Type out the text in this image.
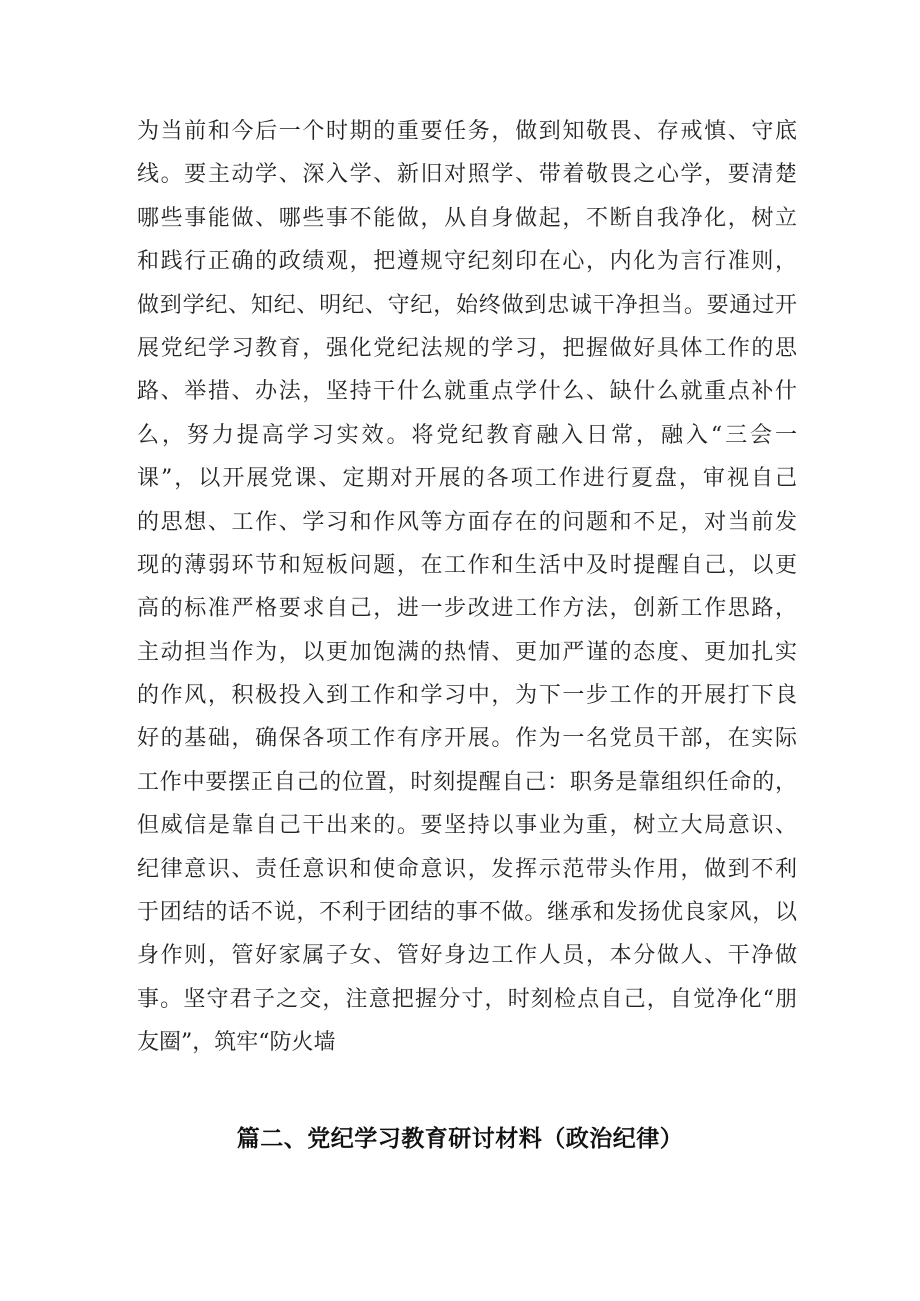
为当前和今后一个时期的重要任务，做到知敬畏、存戒慎、守底
线。要主动学、深入学、新旧对照学、带着敬畏之心学，要清楚
哪些事能做、哪些事不能做，从自身做起，不断自我净化，树立
和践行正确的政绩观，把遵规守纪刻印在心，内化为言行准则，
做到学纪、知纪、明纪、守纪，始终做到忠诚干净担当。要通过开
展党纪学习教育，强化党纪法规的学习，把握做好具体工作的思
路、举措、办法，坚持干什么就重点学什么、缺什么就重点补什
么，努力提高学习实效。将党纪教育融入日常，融入“三会一
课”，以开展党课、定期对开展的各项工作进行夏盘，审视自己
的思想、工作、学习和作风等方面存在的问题和不足，对当前发
现的薄弱环节和短板问题，在工作和生活中及时提醒自己，以更
高的标准严格要求自己，进一步改进工作方法，创新工作思路，
主动担当作为，以更加饱满的热情、更加严谨的态度、更加扎实
的作风，积极投入到工作和学习中，为下一步工作的开展打下良
好的基础，确保各项工作有序开展。作为一名党员干部，在实际
工作中要摆正自己的位置，时刻提醒自己：职务是靠组织任命的，
但威信是靠自己干出来的。要坚持以事业为重，树立大局意识、
纪律意识、责任意识和使命意识，发挥示范带头作用，做到不利
于团结的话不说，不利于团结的事不做。继承和发扬优良家风，以
身作则，管好家属子女、管好身边工作人员，本分做人、干净做
事。坚守君子之交，注意把握分寸，时刻检点自己，自觉净化“朋
友圈”，筑牢“防火墙
篇二、党纪学习教育研讨材料（政治纪律）
